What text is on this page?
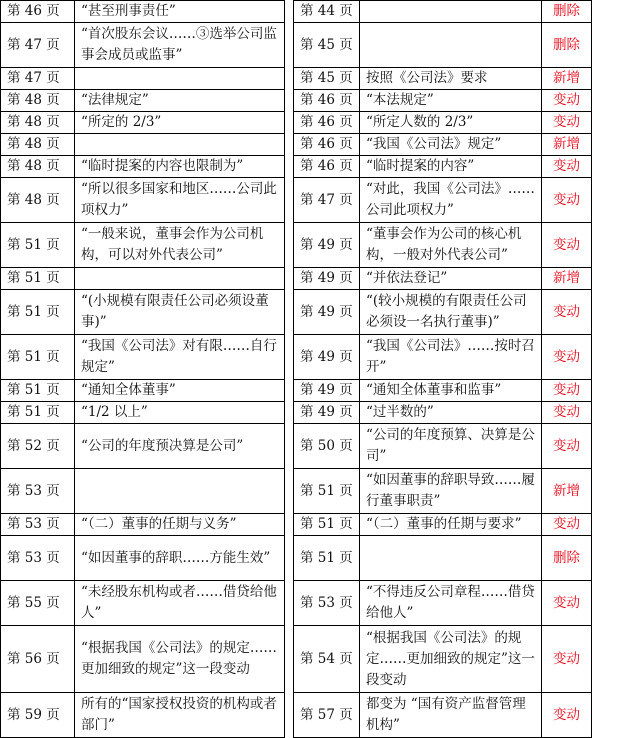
第 46 页	“甚至刑事责任”		第 44 页		删除
第 47 页	“首次股东会议……③选举公司监事会成员或监事”		第 45 页		删除
第 47 页			第 45 页	按照《公司法》要求	新增
第 48 页	“法律规定”		第 46 页	“本法规定”	变动
第 48 页	“所定的 2/3”		第 46 页	“所定人数的 2/3”	变动
第 48 页			第 46 页	“我国《公司法》规定”	新增
第 48 页	“临时提案的内容也限制为”		第 46 页	“临时提案的内容”	变动
第 48 页	“所以很多国家和地区……公司此项权力”		第 47 页	“对此，我国《公司法》……公司此项权力”	变动
第 51 页	“一般来说，董事会作为公司机构，可以对外代表公司”		第 49 页	“董事会作为公司的核心机构，一般对外代表公司”	变动
第 51 页			第 49 页	“并依法登记”	新增
第 51 页	“(小规模有限责任公司必须设董事)”		第 49 页	“(较小规模的有限责任公司必须设一名执行董事)”	变动
第 51 页	“我国《公司法》对有限……自行规定”		第 49 页	“我国《公司法》……按时召开”	变动
第 51 页	“通知全体董事”		第 49 页	“通知全体董事和监事”	变动
第 51 页	“1/2 以上”		第 49 页	“过半数的”	变动
第 52 页	“公司的年度预决算是公司”		第 50 页	“公司的年度预算、决算是公司”	变动
第 53 页			第 51 页	“如因董事的辞职导致……履行董事职责”	新增
第 53 页	“（二）董事的任期与义务”		第 51 页	“（二）董事的任期与要求”	变动
第 53 页	“如因董事的辞职……方能生效”		第 51 页		删除
第 55 页	“未经股东机构或者……借贷给他人”		第 53 页	“不得违反公司章程……借贷给他人”	变动
第 56 页	“根据我国《公司法》的规定……更加细致的规定”这一段变动		第 54 页	“根据我国《公司法》的规定……更加细致的规定”这一段变动	变动
第 59 页	所有的“国家授权投资的机构或者部门”		第 57 页	都变为 “国有资产监督管理机构”	变动
